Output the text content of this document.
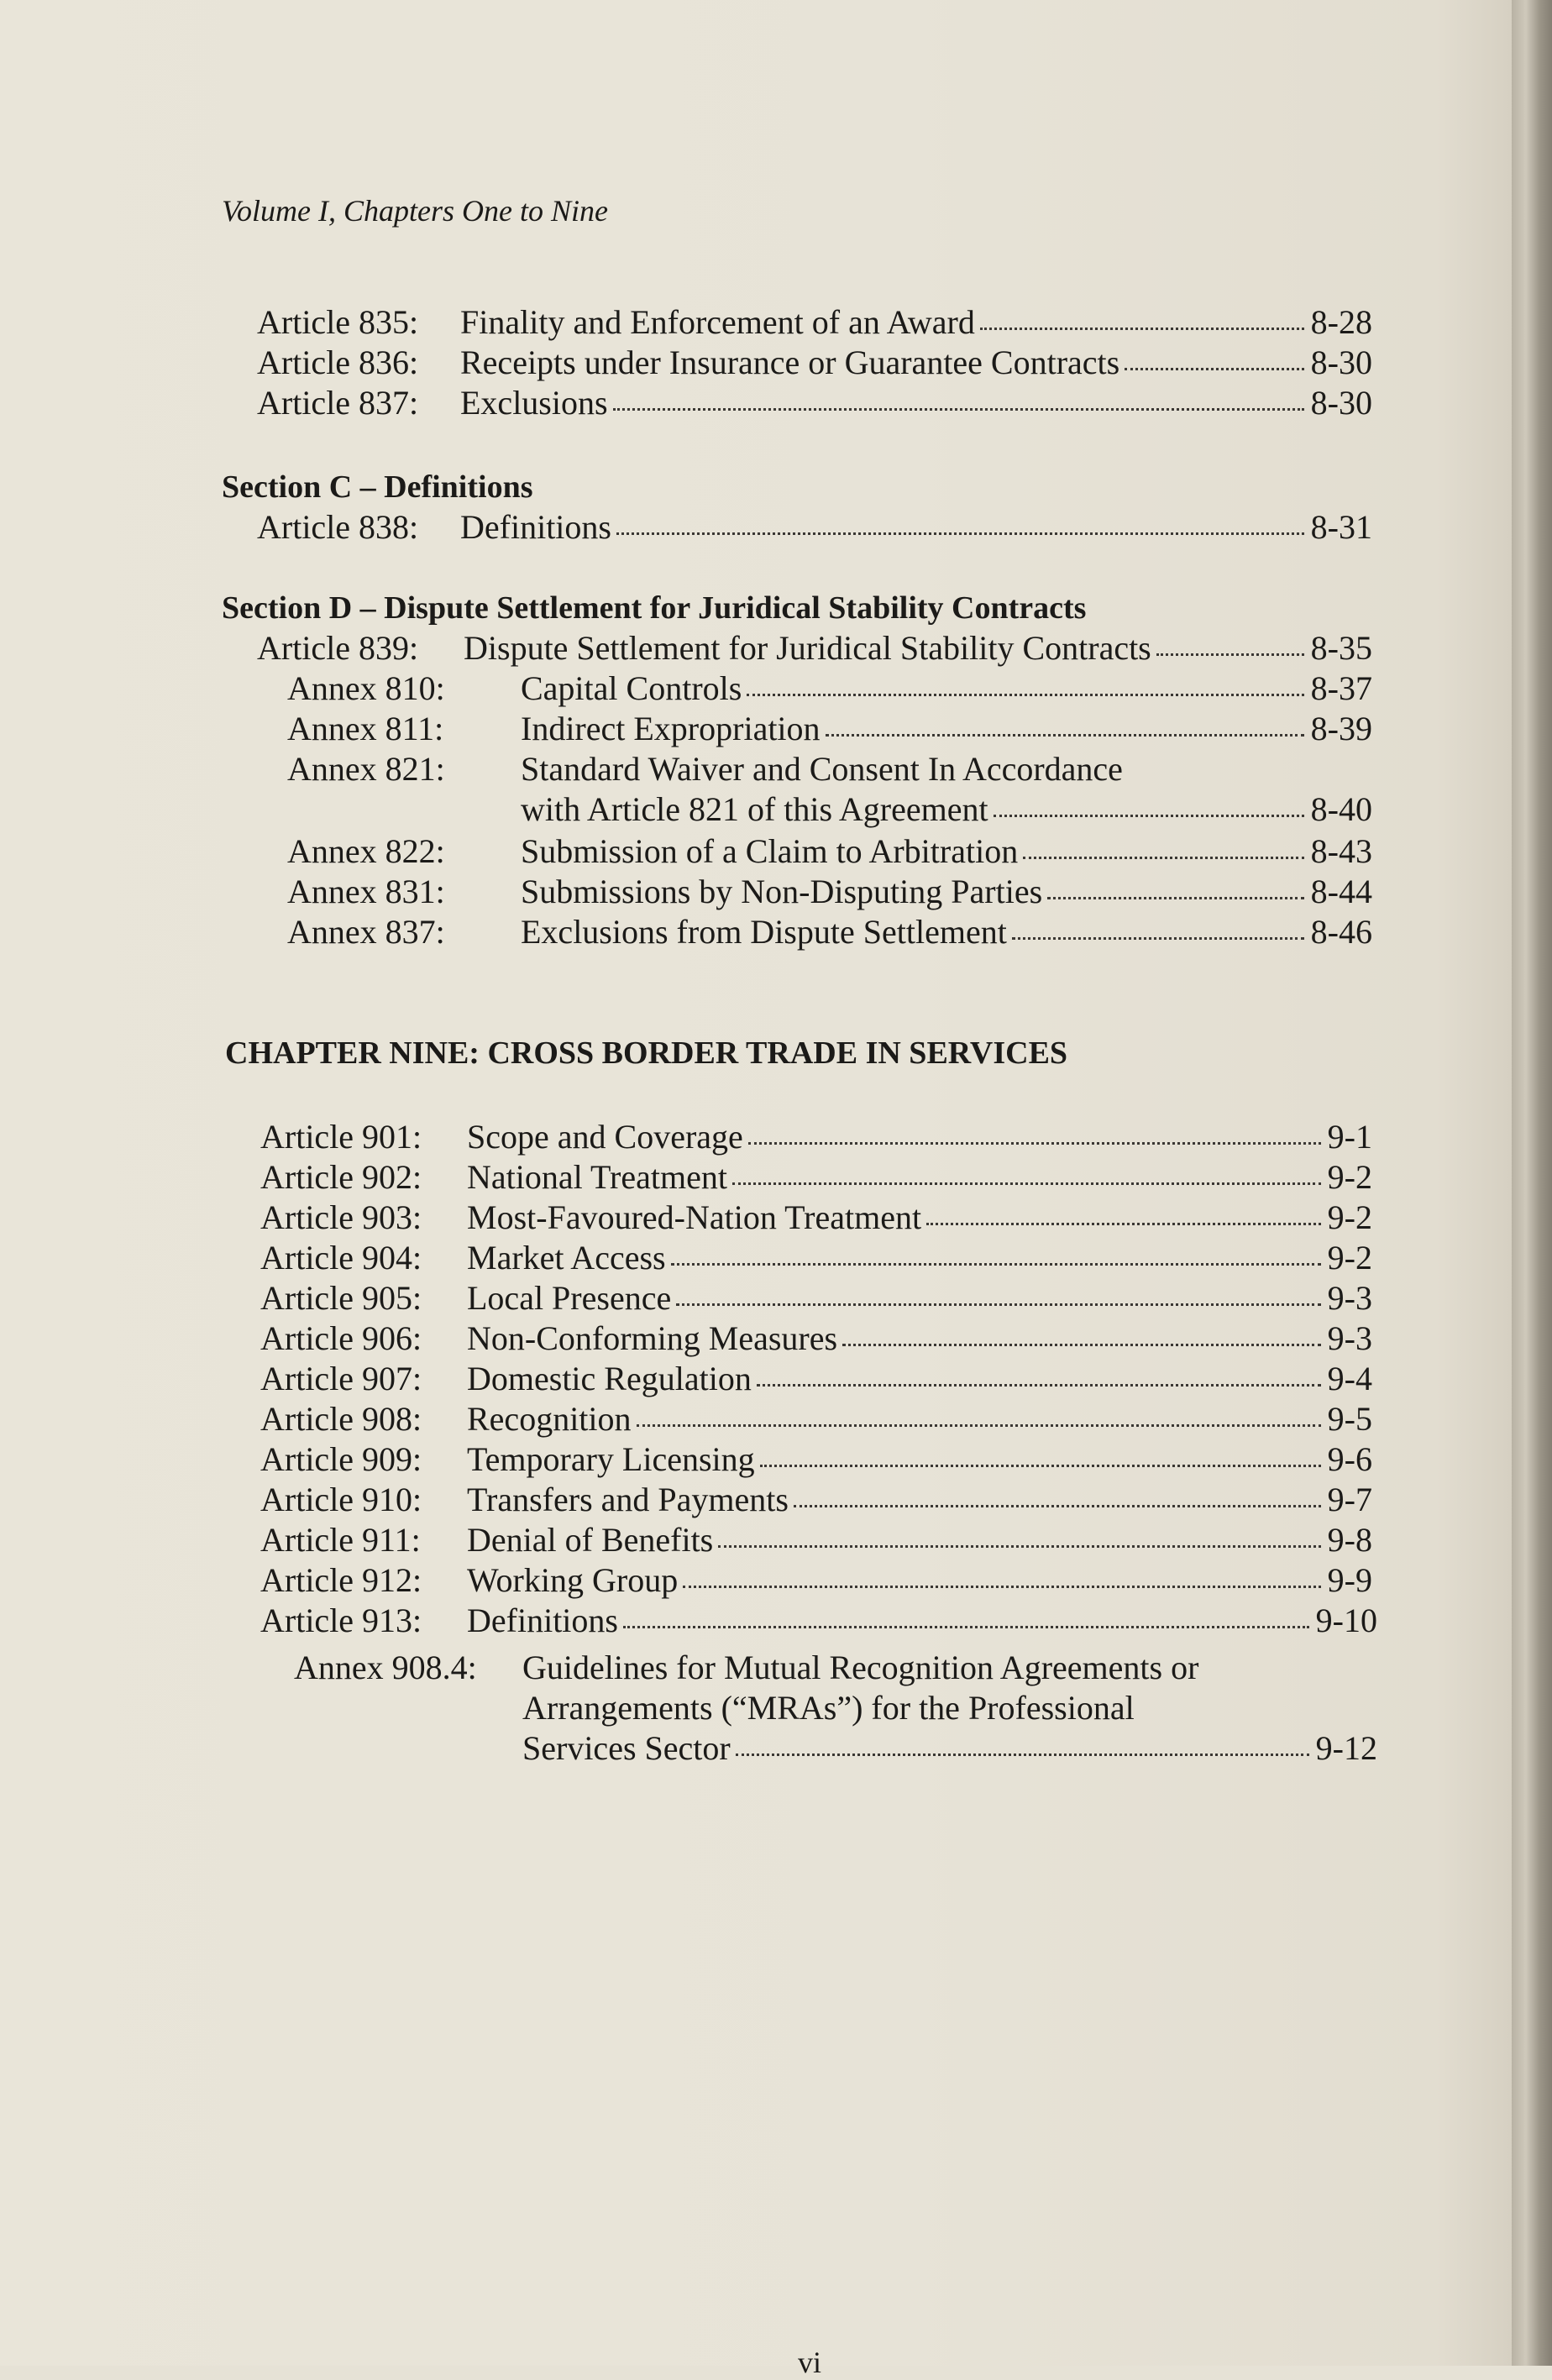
Volume I, Chapters One to Nine
Article 835: Finality and Enforcement of an Award	8-28
Article 836: Receipts under Insurance or Guarantee Contracts	8-30
Article 837: Exclusions	8-30
Section C – Definitions
Article 838: Definitions	8-31
Section D – Dispute Settlement for Juridical Stability Contracts
Article 839: Dispute Settlement for Juridical Stability Contracts	8-35
Annex 810: Capital Controls	8-37
Annex 811: Indirect Expropriation	8-39
Annex 821: Standard Waiver and Consent In Accordance
with Article 821 of this Agreement	8-40
Annex 822: Submission of a Claim to Arbitration	8-43
Annex 831: Submissions by Non-Disputing Parties	8-44
Annex 837: Exclusions from Dispute Settlement	8-46
CHAPTER NINE: CROSS BORDER TRADE IN SERVICES
Article 901: Scope and Coverage	9-1
Article 902: National Treatment	9-2
Article 903: Most-Favoured-Nation Treatment	9-2
Article 904: Market Access	9-2
Article 905: Local Presence	9-3
Article 906: Non-Conforming Measures	9-3
Article 907: Domestic Regulation	9-4
Article 908: Recognition	9-5
Article 909: Temporary Licensing	9-6
Article 910: Transfers and Payments	9-7
Article 911: Denial of Benefits	9-8
Article 912: Working Group	9-9
Article 913: Definitions	9-10
Annex 908.4: Guidelines for Mutual Recognition Agreements or
Arrangements (“MRAs”) for the Professional
Services Sector	9-12
vi
